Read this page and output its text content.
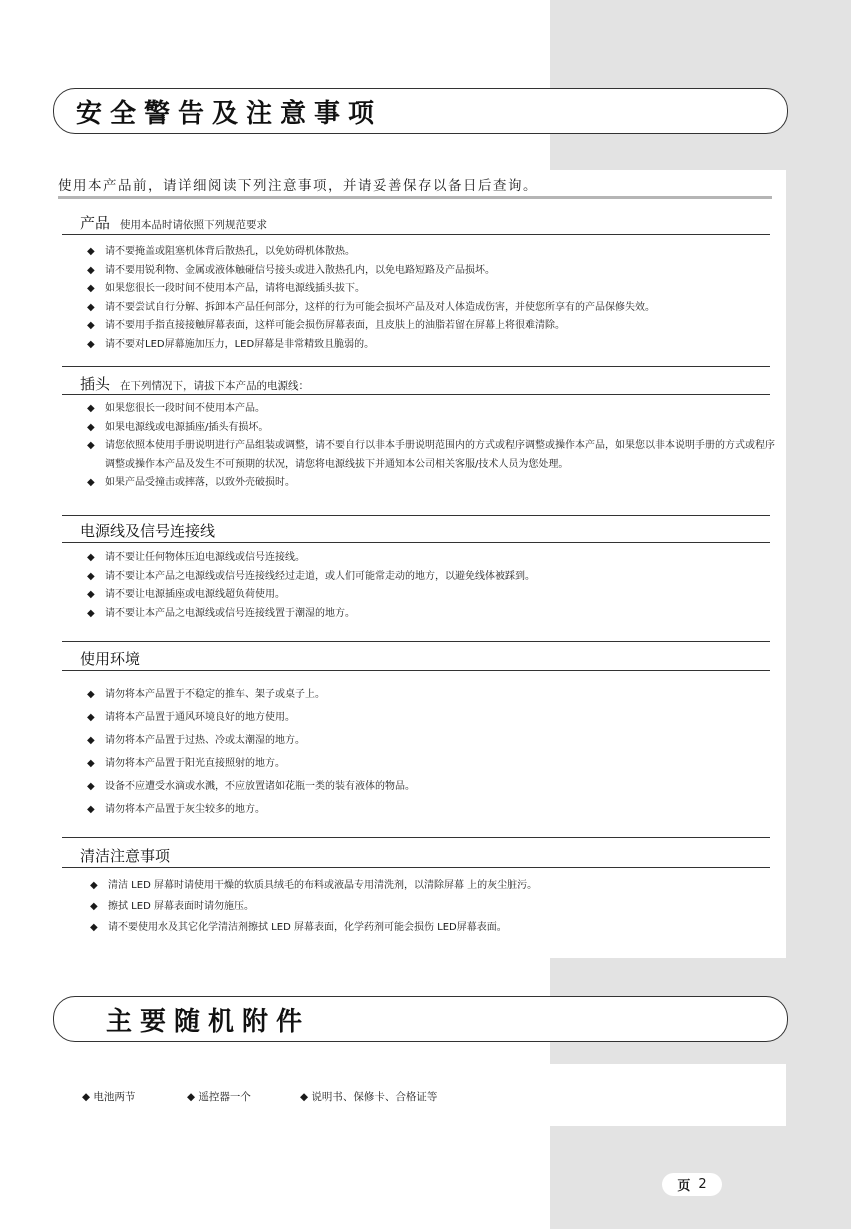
安全警告及注意事项
使用本产品前，请详细阅读下列注意事项，并请妥善保存以备日后查询。
产品 使用本品时请依照下列规范要求
◆ 请不要掩盖或阻塞机体背后散热孔，以免妨碍机体散热。
◆ 请不要用锐利物、金属或液体触碰信号接头或进入散热孔内，以免电路短路及产品损坏。
◆ 如果您很长一段时间不使用本产品，请将电源线插头拔下。
◆ 请不要尝试自行分解、拆卸本产品任何部分，这样的行为可能会损坏产品及对人体造成伤害，并使您所享有的产品保修失效。
◆ 请不要用手指直接接触屏幕表面，这样可能会损伤屏幕表面，且皮肤上的油脂若留在屏幕上将很难清除。
◆ 请不要对LED屏幕施加压力，LED屏幕是非常精致且脆弱的。
插头 在下列情况下，请拔下本产品的电源线：
◆ 如果您很长一段时间不使用本产品。
◆ 如果电源线或电源插座/插头有损坏。
◆ 请您依照本使用手册说明进行产品组装或调整，请不要自行以非本手册说明范围内的方式或程序调整或操作本产品，如果您以非本说明手册的方式或程序调整或操作本产品及发生不可预期的状况，请您将电源线拔下并通知本公司相关客服/技术人员为您处理。
◆ 如果产品受撞击或摔落，以致外壳破损时。
电源线及信号连接线
◆ 请不要让任何物体压迫电源线或信号连接线。
◆ 请不要让本产品之电源线或信号连接线经过走道，或人们可能常走动的地方，以避免线体被踩到。
◆ 请不要让电源插座或电源线超负荷使用。
◆ 请不要让本产品之电源线或信号连接线置于潮湿的地方。
使用环境
◆ 请勿将本产品置于不稳定的推车、架子或桌子上。
◆ 请将本产品置于通风环境良好的地方使用。
◆ 请勿将本产品置于过热、冷或太潮湿的地方。
◆ 请勿将本产品置于阳光直接照射的地方。
◆ 设备不应遭受水滴或水溅，不应放置诸如花瓶一类的装有液体的物品。
◆ 请勿将本产品置于灰尘较多的地方。
清洁注意事项
◆ 清洁 LED 屏幕时请使用干燥的软质具绒毛的布料或液晶专用清洗剂，以清除屏幕 上的灰尘脏污。
◆ 擦拭 LED 屏幕表面时请勿施压。
◆ 请不要使用水及其它化学清洁剂擦拭 LED 屏幕表面，化学药剂可能会损伤 LED屏幕表面。
主要随机附件
◆ 电池两节	◆ 遥控器一个	◆ 说明书、保修卡、合格证等
页 2
